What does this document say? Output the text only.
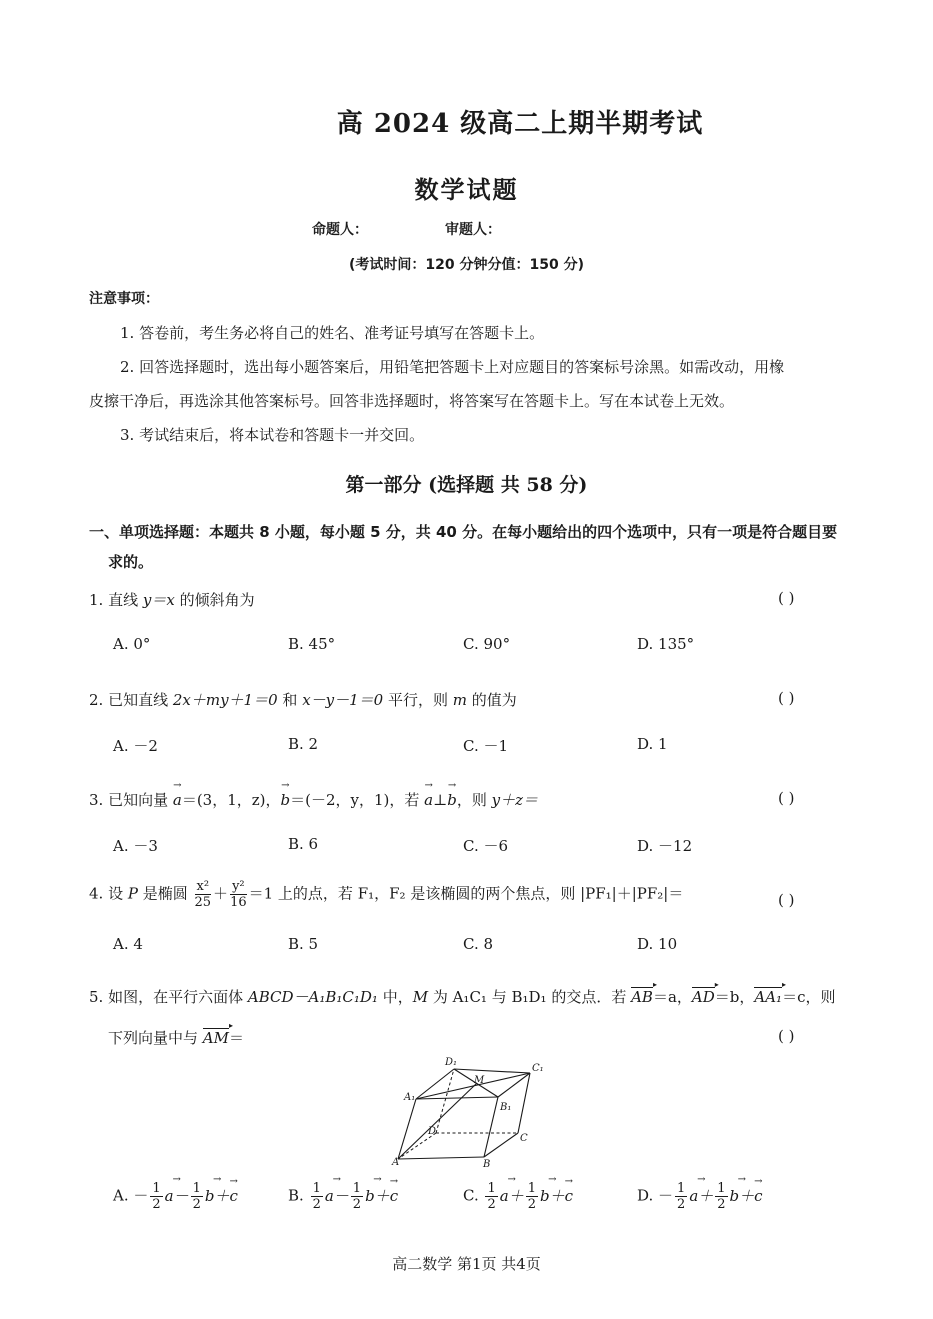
高 2024 级高二上期半期考试
数学试题
命题人：	审题人：
(考试时间：120 分钟分值：150 分)
注意事项：
1. 答卷前，考生务必将自己的姓名、准考证号填写在答题卡上。
2. 回答选择题时，选出每小题答案后，用铅笔把答题卡上对应题目的答案标号涂黑。如需改动，用橡
皮擦干净后，再选涂其他答案标号。回答非选择题时，将答案写在答题卡上。写在本试卷上无效。
3. 考试结束后，将本试卷和答题卡一并交回。
第一部分 (选择题 共 58 分)
一、单项选择题：本题共 8 小题，每小题 5 分，共 40 分。在每小题给出的四个选项中，只有一项是符合题目要
求的。
1. 直线 y＝x 的倾斜角为	( )
A. 0°	B. 45°	C. 90°	D. 135°
2. 已知直线 2x＋my＋1＝0 和 x－y－1＝0 平行，则 m 的值为	( )
A. －2	B. 2	C. －1	D. 1
3. 已知向量 → a＝(3，1，z)，→ b＝(－2，y，1)，若 → a⊥→ b，则 y＋z＝	( )
A. －3	B. 6	C. －6	D. －12
4. 设 P 是椭圆 $\frac{\text{x²}}{25} + \frac{\text{y²}}{16} =1$ 上的点，若 F₁，F₂ 是该椭圆的两个焦点，则 |PF₁|＋|PF₂|＝	( )
A. 4	B. 5	C. 8	D. 10
5. 如图，在平行六面体 ABCD－A₁B₁C₁D₁ 中，M 为 A₁C₁ 与 B₁D₁ 的交点．若 AB ▸＝a，AD ▸＝b，AA₁ ▸＝c，则
下列向量中与 AM ▸＝	( )
D₁
C₁
M
A₁
B₁
D
C
A	B
A. － $\frac{1}{2}$
→ $a- \frac{1}{2}$
→ b＋→ c	B. $\frac{1}{2}$
→ $a- \frac{1}{2}$
→ b＋→ c	C. $\frac{1}{2}$
→ $a+ \frac{1}{2}$
→ b＋→ c	D. － $\frac{1}{2}$
→ $a+ \frac{1}{2}$
→ b＋→ c
高二数学 第1页 共4页
